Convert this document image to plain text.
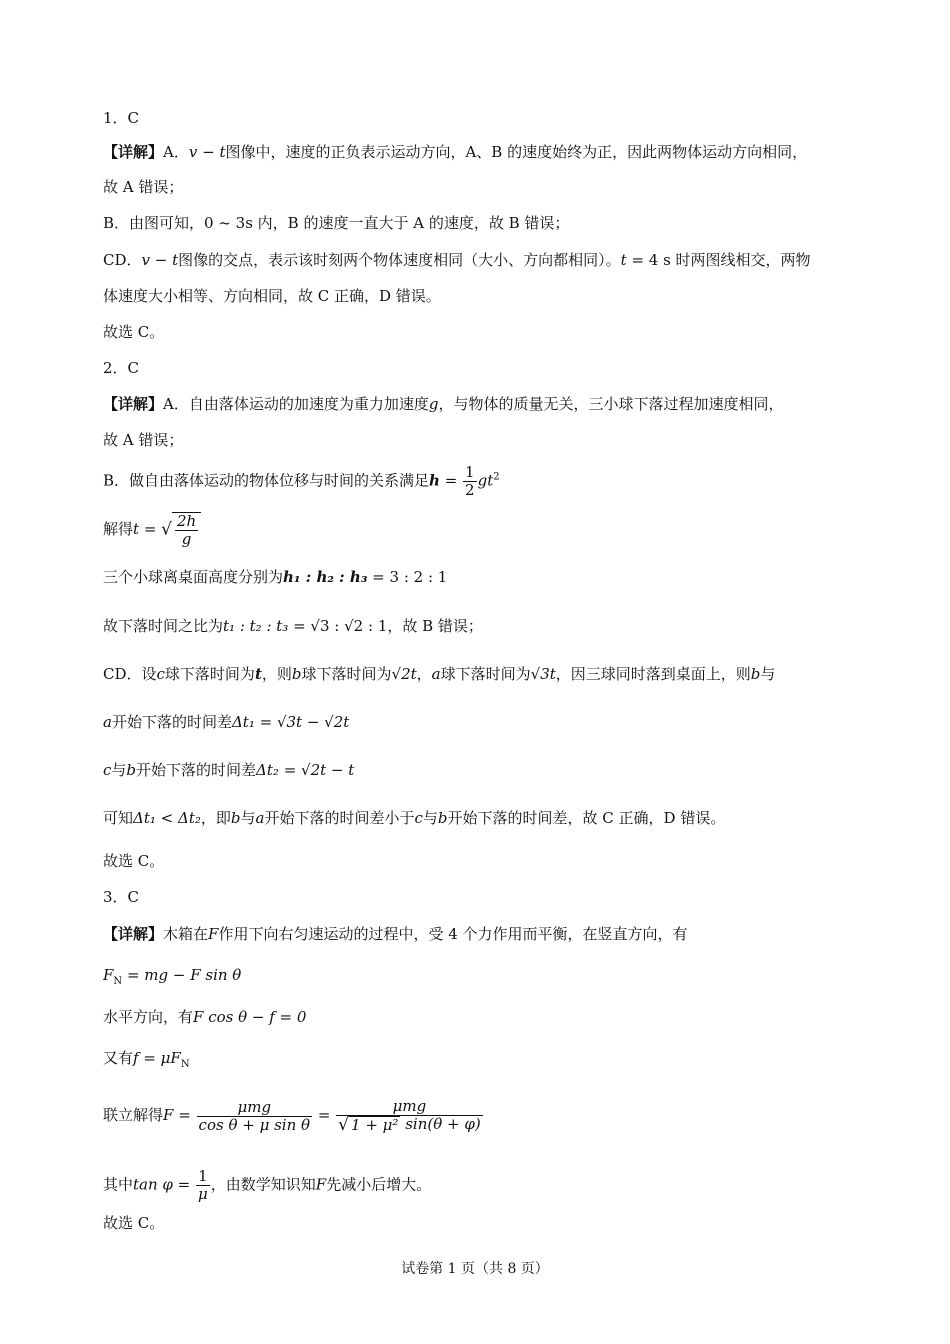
1．C
【详解】A．v − t图像中，速度的正负表示运动方向，A、B 的速度始终为正，因此两物体运动方向相同，
故 A 错误；
B．由图可知，0 ~ 3s 内，B 的速度一直大于 A 的速度，故 B 错误；
CD．v − t图像的交点，表示该时刻两个物体速度相同（大小、方向都相同）。t = 4 s 时两图线相交，两物
体速度大小相等、方向相同，故 C 正确，D 错误。
故选 C。
2．C
【详解】A．自由落体运动的加速度为重力加速度g，与物体的质量无关，三小球下落过程加速度相同，
故 A 错误；
B．做自由落体运动的物体位移与时间的关系满足$h = \frac{1}{2} gt^2$
解得t = √ $\frac{2h}{g}$
三个小球离桌面高度分别为h₁ : h₂ : h₃ = 3 : 2 : 1
故下落时间之比为t₁ : t₂ : t₃ = √3 : √2 : 1，故 B 错误；
CD．设c球下落时间为t，则b球下落时间为√2t，a球下落时间为√3t，因三球同时落到桌面上，则b与
a开始下落的时间差Δt₁ = √3t − √2t
c与b开始下落的时间差Δt₂ = √2t − t
可知Δt₁ < Δt₂，即b与a开始下落的时间差小于c与b开始下落的时间差，故 C 正确，D 错误。
故选 C。
3．C
【详解】木箱在F作用下向右匀速运动的过程中，受 4 个力作用而平衡，在竖直方向，有
$F_N$ = mg − F sin θ
水平方向，有F cos θ − f = 0
又有$f = \mu F_N$
联立解得$F = \frac{\text{μmg}}{\text{cos θ + μ sin θ}} = \frac{\text{μmg}}{\text{√ 1 + μ² sin(θ + φ)}}$
其中$\tan \varphi = \frac{1}{\mu}$ ，由数学知识知F先减小后增大。
故选 C。
试卷第 1 页（共 8 页）
